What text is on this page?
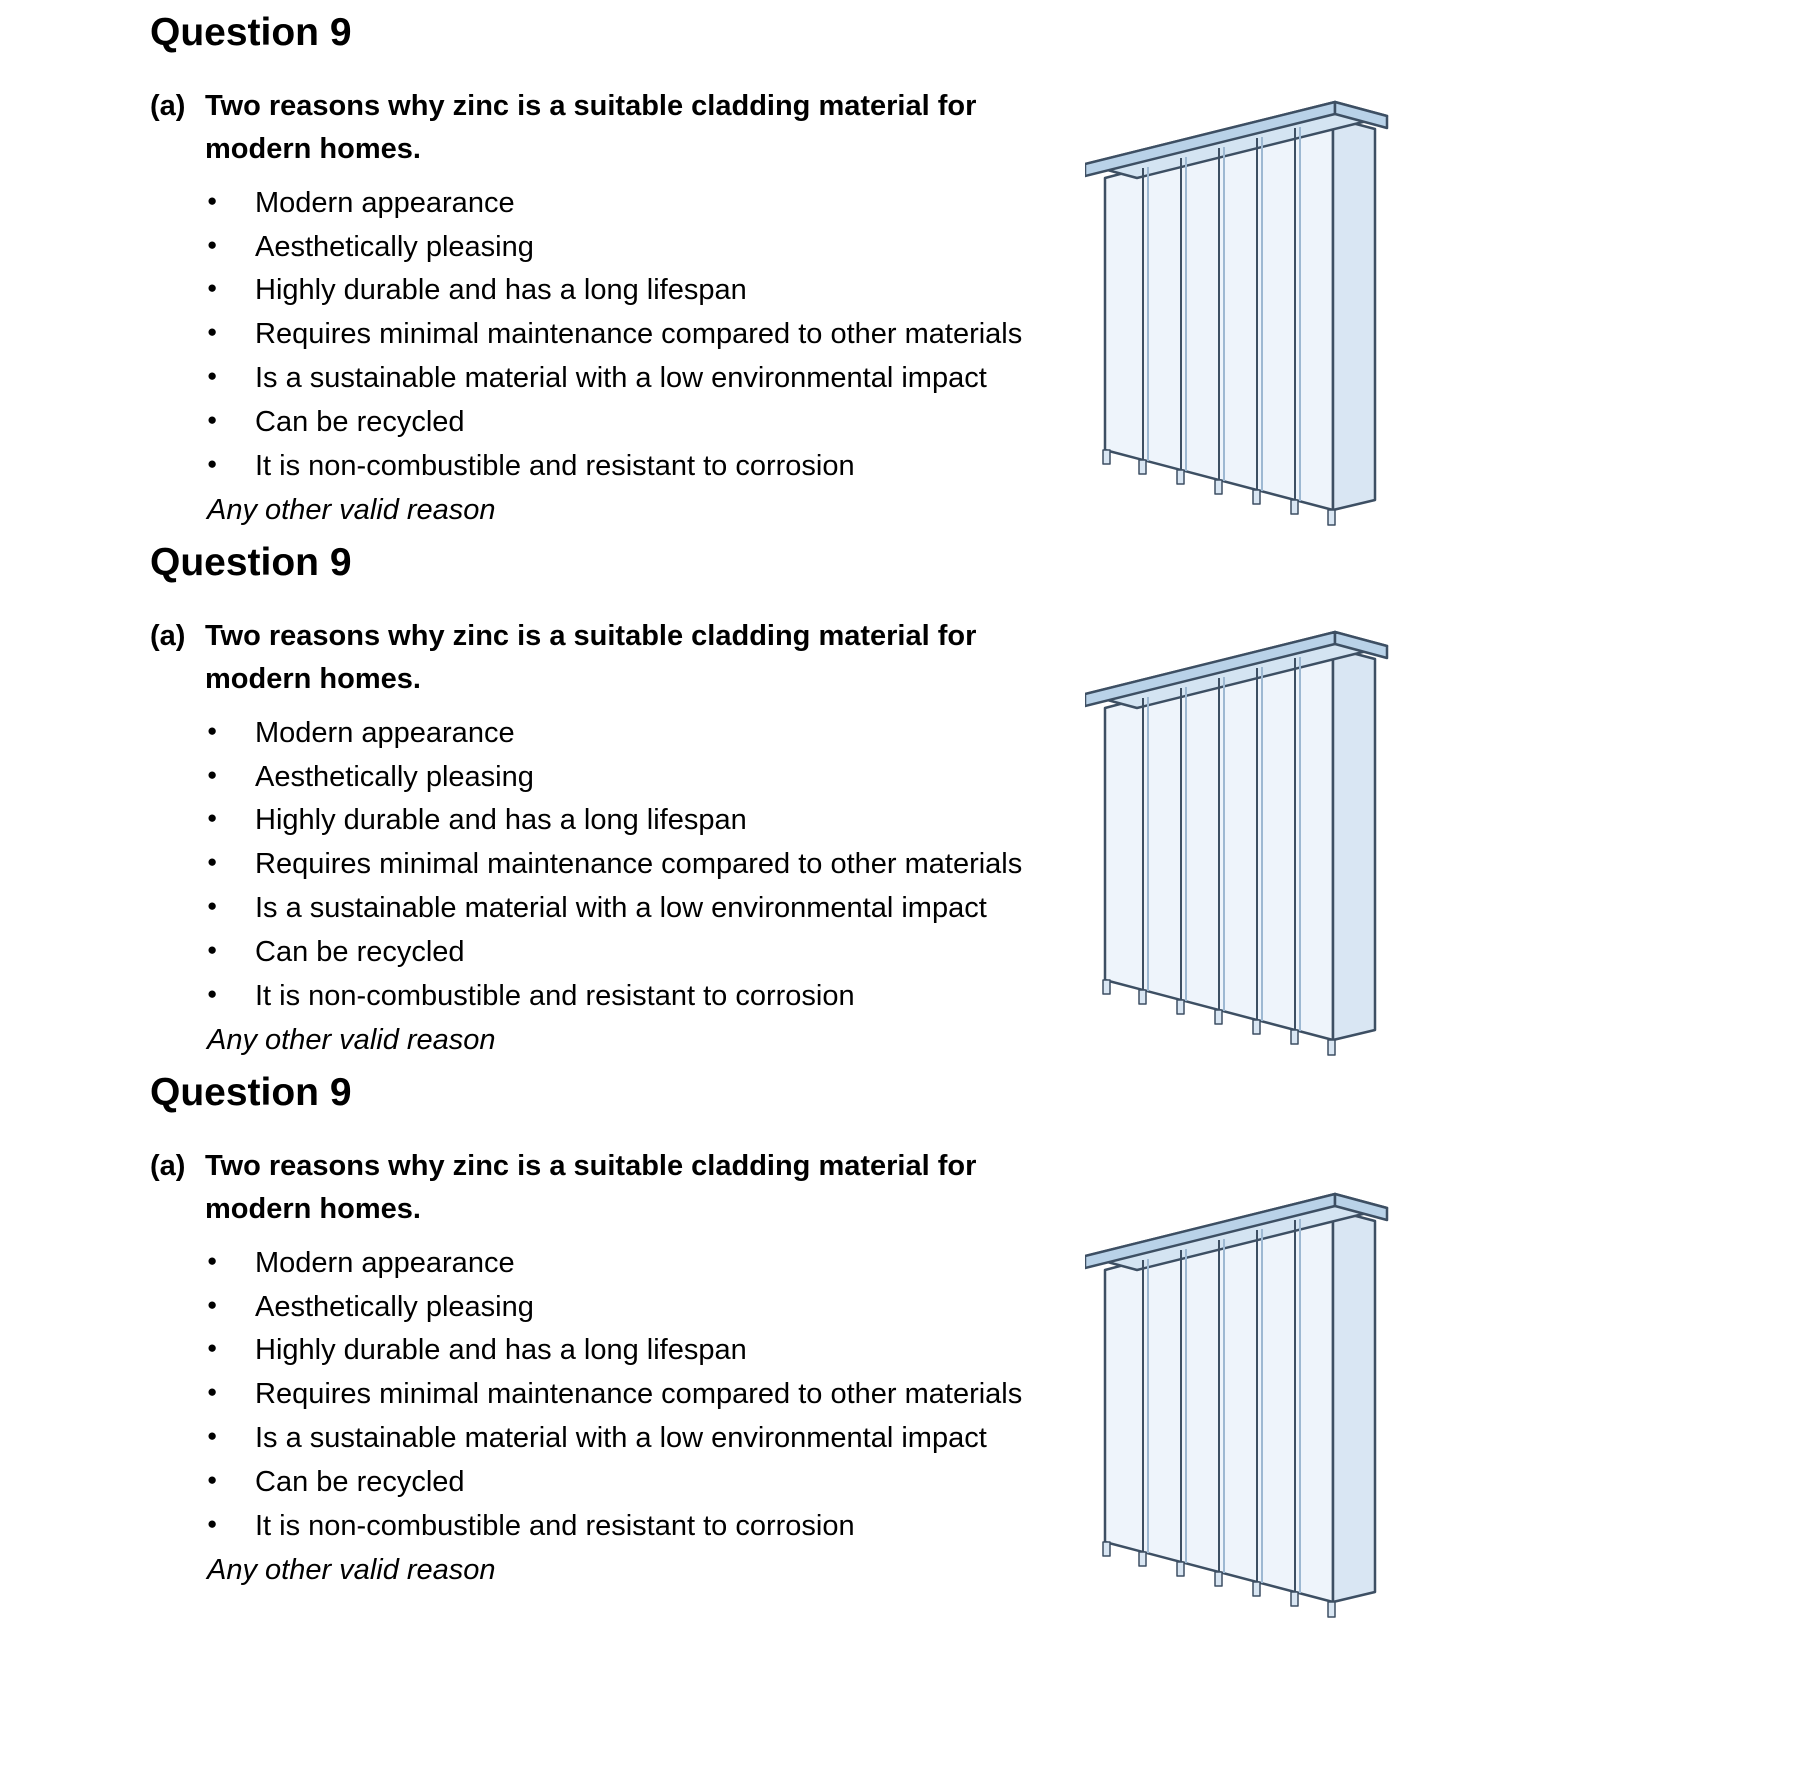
Question 9
(a) Two reasons why zinc is a suitable cladding material for modern homes.
● Modern appearance
● Aesthetically pleasing
● Highly durable and has a long lifespan
● Requires minimal maintenance compared to other materials
● Is a sustainable material with a low environmental impact
● Can be recycled
● It is non-combustible and resistant to corrosion
Any other valid reason
Question 9
(a) Two reasons why zinc is a suitable cladding material for modern homes.
● Modern appearance
● Aesthetically pleasing
● Highly durable and has a long lifespan
● Requires minimal maintenance compared to other materials
● Is a sustainable material with a low environmental impact
● Can be recycled
● It is non-combustible and resistant to corrosion
Any other valid reason
Question 9
(a) Two reasons why zinc is a suitable cladding material for modern homes.
● Modern appearance
● Aesthetically pleasing
● Highly durable and has a long lifespan
● Requires minimal maintenance compared to other materials
● Is a sustainable material with a low environmental impact
● Can be recycled
● It is non-combustible and resistant to corrosion
Any other valid reason
